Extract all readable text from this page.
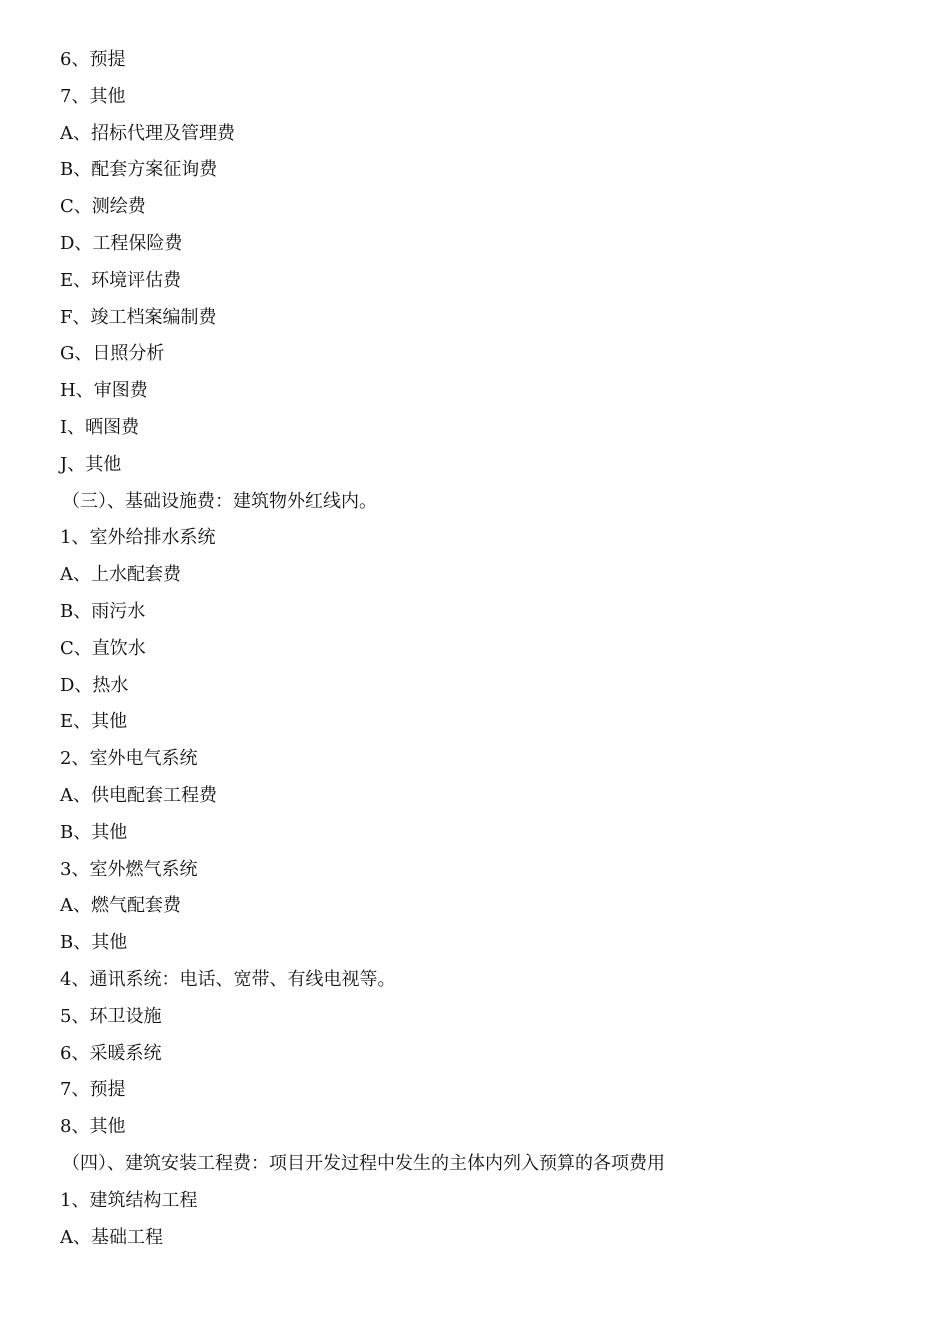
6、预提
7、其他
A、招标代理及管理费
B、配套方案征询费
C、测绘费
D、工程保险费
E、环境评估费
F、竣工档案编制费
G、日照分析
H、审图费
I、晒图费
J、其他
（三）、基础设施费：建筑物外红线内。
1、室外给排水系统
A、上水配套费
B、雨污水
C、直饮水
D、热水
E、其他
2、室外电气系统
A、供电配套工程费
B、其他
3、室外燃气系统
A、燃气配套费
B、其他
4、通讯系统：电话、宽带、有线电视等。
5、环卫设施
6、采暖系统
7、预提
8、其他
（四）、建筑安装工程费：项目开发过程中发生的主体内列入预算的各项费用
1、建筑结构工程
A、基础工程
